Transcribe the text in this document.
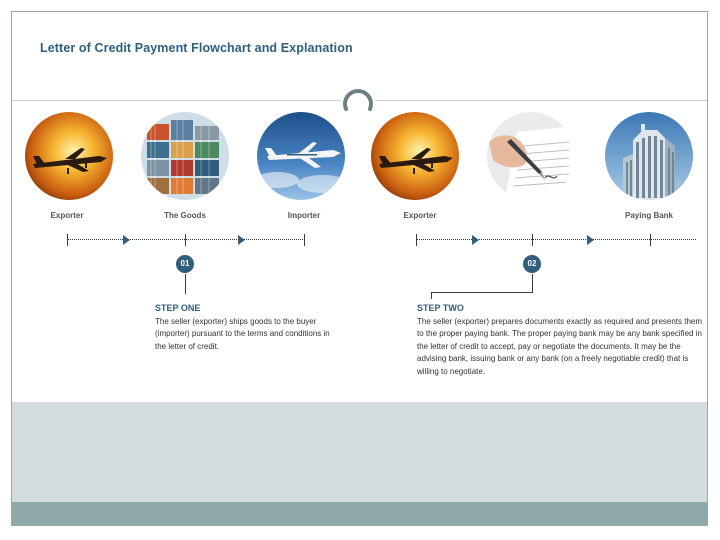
Letter of Credit Payment Flowchart and Explanation
Exporter	The Goods	Importer	Exporter	Paying Bank
01
STEP ONE
The seller (exporter) ships goods to the buyer (importer) pursuant to the terms and conditions in the letter of credit.
02
STEP TWO
The seller (exporter) prepares documents exactly as required and presents them to the proper paying bank. The proper paying bank may be any bank specified in the letter of credit to accept, pay or negotiate the documents. It may be the advising bank, issuing bank or any bank (on a freely negotiable credit) that is willing to negotiate.
